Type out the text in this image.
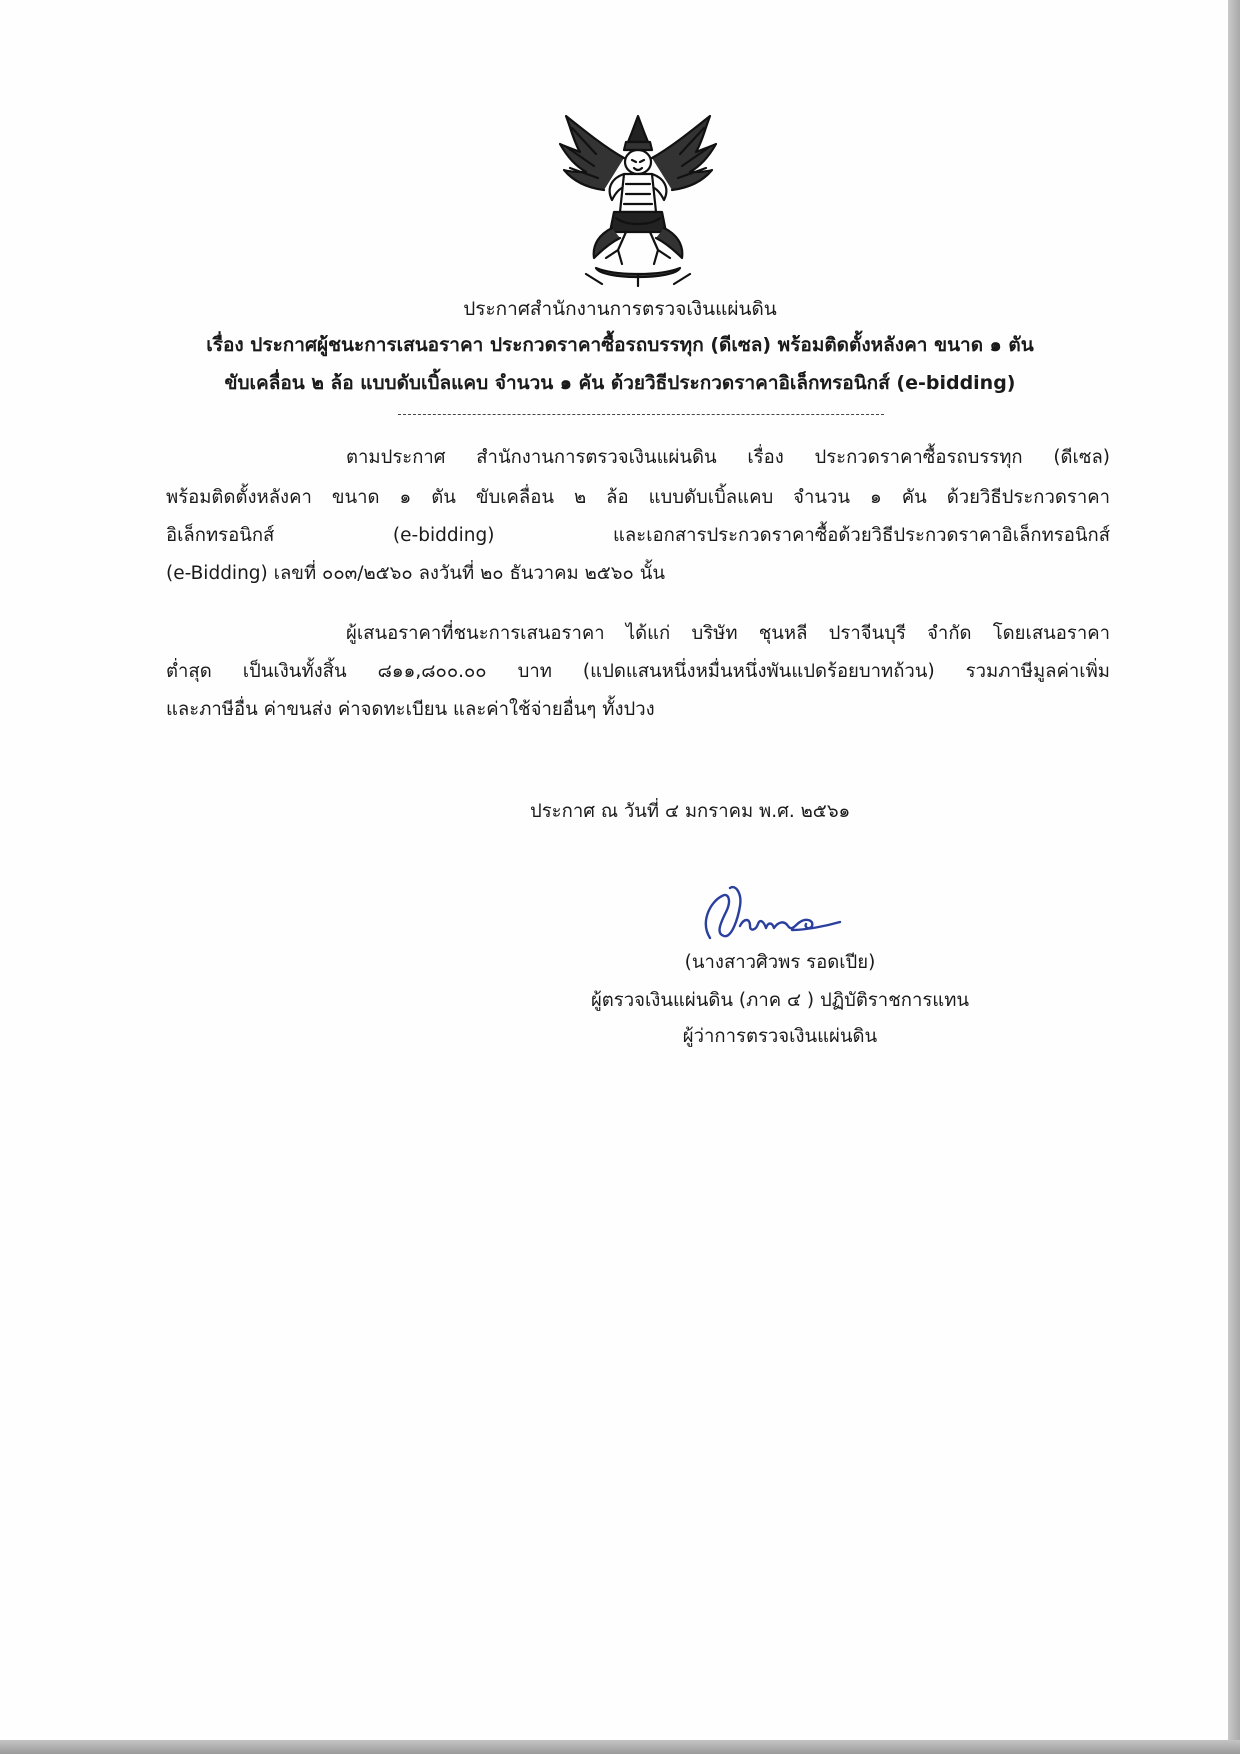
ประกาศสำนักงานการตรวจเงินแผ่นดิน
เรื่อง ประกาศผู้ชนะการเสนอราคา ประกวดราคาซื้อรถบรรทุก (ดีเซล) พร้อมติดตั้งหลังคา ขนาด ๑ ตัน
ขับเคลื่อน ๒ ล้อ แบบดับเบิ้ลแคบ จำนวน ๑ คัน ด้วยวิธีประกวดราคาอิเล็กทรอนิกส์ (e-bidding)
ตามประกาศ สำนักงานการตรวจเงินแผ่นดิน เรื่อง ประกวดราคาซื้อรถบรรทุก (ดีเซล)
พร้อมติดตั้งหลังคา ขนาด ๑ ตัน ขับเคลื่อน ๒ ล้อ แบบดับเบิ้ลแคบ จำนวน ๑ คัน ด้วยวิธีประกวดราคา
อิเล็กทรอนิกส์ (e-bidding) และเอกสารประกวดราคาซื้อด้วยวิธีประกวดราคาอิเล็กทรอนิกส์
(e-Bidding) เลขที่ ๐๐๓/๒๕๖๐ ลงวันที่ ๒๐ ธันวาคม ๒๕๖๐ นั้น
ผู้เสนอราคาที่ชนะการเสนอราคา ได้แก่ บริษัท ชุนหลี ปราจีนบุรี จำกัด โดยเสนอราคา
ต่ำสุด เป็นเงินทั้งสิ้น ๘๑๑,๘๐๐.๐๐ บาท (แปดแสนหนึ่งหมื่นหนึ่งพันแปดร้อยบาทถ้วน) รวมภาษีมูลค่าเพิ่ม
และภาษีอื่น ค่าขนส่ง ค่าจดทะเบียน และค่าใช้จ่ายอื่นๆ ทั้งปวง
ประกาศ ณ วันที่ ๔ มกราคม พ.ศ. ๒๕๖๑
(นางสาวศิวพร รอดเปีย)
ผู้ตรวจเงินแผ่นดิน (ภาค ๔ ) ปฏิบัติราชการแทน
ผู้ว่าการตรวจเงินแผ่นดิน
